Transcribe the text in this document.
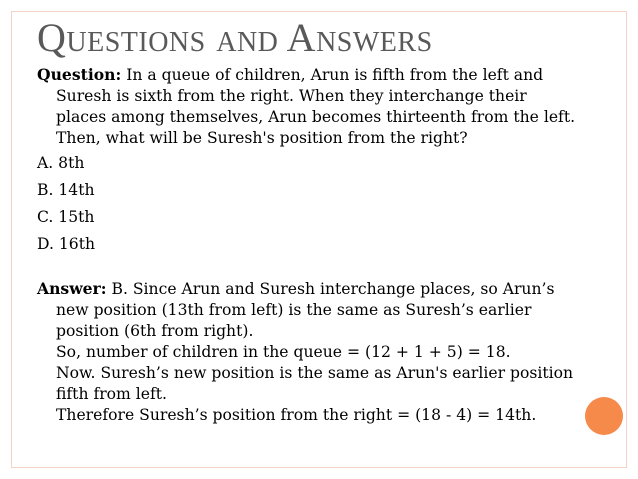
Questions and Answers

Question: In a queue of children, Arun is fifth from the left and
Suresh is sixth from the right. When they interchange their
places among themselves, Arun becomes thirteenth from the left.
Then, what will be Suresh's position from the right?

A. 8th
B. 14th
C. 15th
D. 16th

Answer: B. Since Arun and Suresh interchange places, so Arun’s
new position (13th from left) is the same as Suresh’s earlier
position (6th from right).
So, number of children in the queue = (12 + 1 + 5) = 18.
Now. Suresh’s new position is the same as Arun's earlier position
fifth from left.
Therefore Suresh’s position from the right = (18 - 4) = 14th.
